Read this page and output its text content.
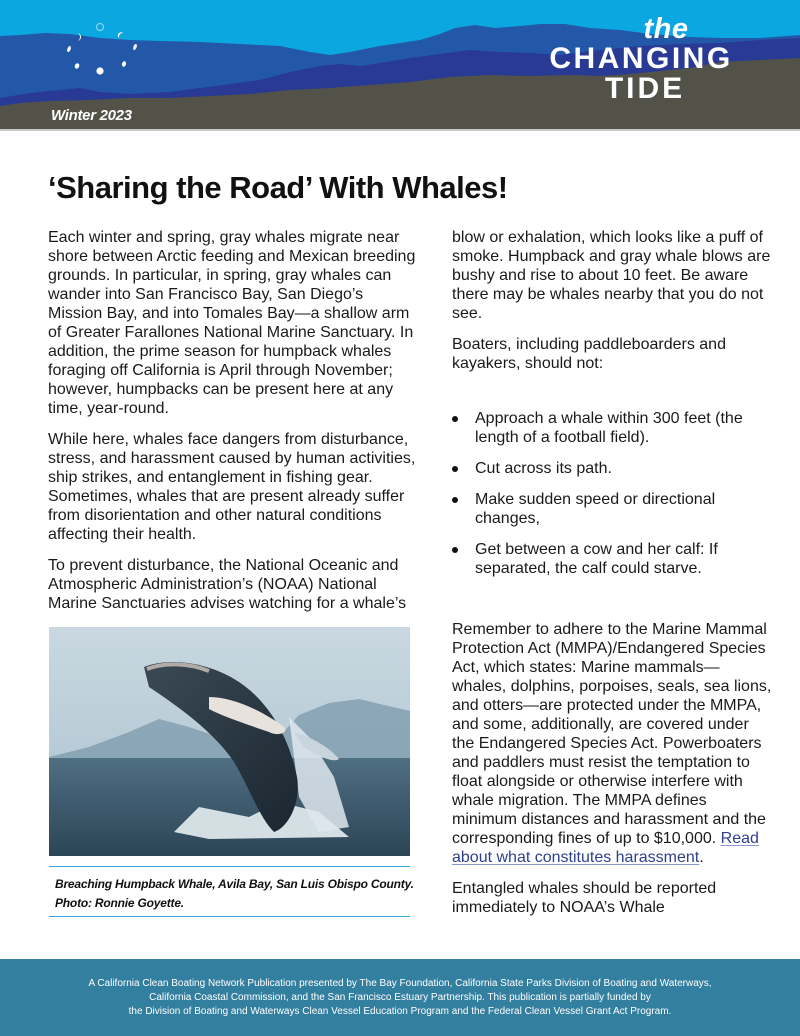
the
CHANGING
TIDE
Winter 2023
‘Sharing the Road’ With Whales!

Each winter and spring, gray whales migrate near shore between Arctic feeding and Mexican breeding grounds. In particular, in spring, gray whales can wander into San Francisco Bay, San Diego’s Mission Bay, and into Tomales Bay—a shallow arm of Greater Farallones National Marine Sanctuary. In addition, the prime season for humpback whales foraging off California is April through November; however, humpbacks can be present here at any time, year-round.

While here, whales face dangers from disturbance, stress, and harassment caused by human activities, ship strikes, and entanglement in fishing gear. Sometimes, whales that are present already suffer from disorientation and other natural conditions affecting their health.

To prevent disturbance, the National Oceanic and Atmospheric Administration’s (NOAA) National Marine Sanctuaries advises watching for a whale’s

Breaching Humpback Whale, Avila Bay, San Luis Obispo County.
Photo: Ronnie Goyette.

blow or exhalation, which looks like a puff of smoke. Humpback and gray whale blows are bushy and rise to about 10 feet. Be aware there may be whales nearby that you do not see.

Boaters, including paddleboarders and kayakers, should not:

Approach a whale within 300 feet (the length of a football field).
Cut across its path.
Make sudden speed or directional changes,
Get between a cow and her calf: If separated, the calf could starve.

Remember to adhere to the Marine Mammal Protection Act (MMPA)/Endangered Species Act, which states: Marine mammals—whales, dolphins, porpoises, seals, sea lions, and otters—are protected under the MMPA, and some, additionally, are covered under the Endangered Species Act. Powerboaters and paddlers must resist the temptation to float alongside or otherwise interfere with whale migration. The MMPA defines minimum distances and harassment and the corresponding fines of up to $10,000. Read about what constitutes harassment.

Entangled whales should be reported immediately to NOAA’s Whale

A California Clean Boating Network Publication presented by The Bay Foundation, California State Parks Division of Boating and Waterways,
California Coastal Commission, and the San Francisco Estuary Partnership. This publication is partially funded by
the Division of Boating and Waterways Clean Vessel Education Program and the Federal Clean Vessel Grant Act Program.
